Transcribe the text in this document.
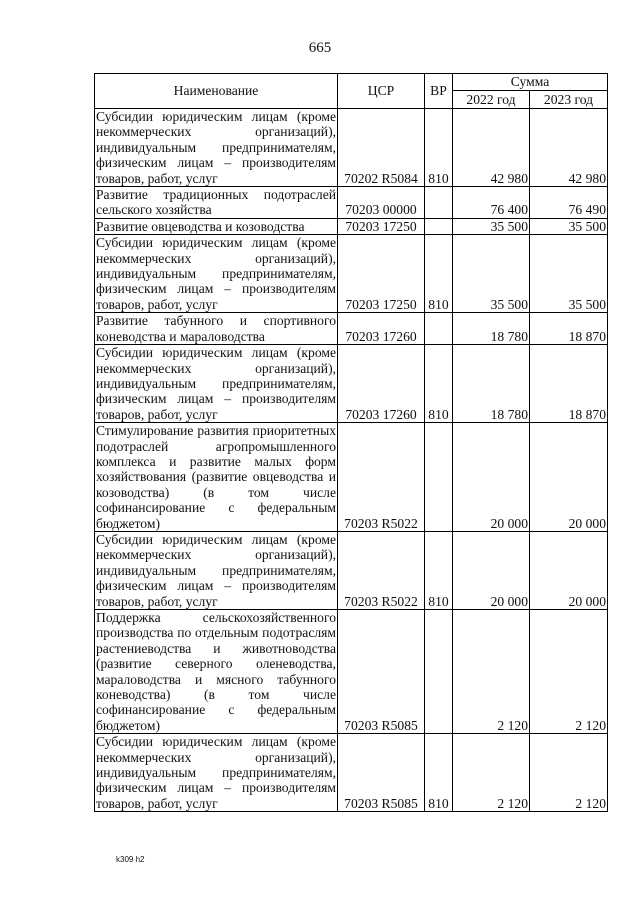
665
Наименование	ЦСР	ВР	Сумма	
			2022 год	2023 год
Субсидии юридическим лицам (кроме некоммерческих организаций), индивидуальным предпринимателям, физическим лицам – производителям товаров, работ, услуг	70202 R5084	810	42 980	42 980
Развитие традиционных подотраслей сельского хозяйства	70203 00000		76 400	76 490
Развитие овцеводства и козоводства	70203 17250		35 500	35 500
Субсидии юридическим лицам (кроме некоммерческих организаций), индивидуальным предпринимателям, физическим лицам – производителям товаров, работ, услуг	70203 17250	810	35 500	35 500
Развитие табунного и спортивного коневодства и мараловодства	70203 17260		18 780	18 870
Субсидии юридическим лицам (кроме некоммерческих организаций), индивидуальным предпринимателям, физическим лицам – производителям товаров, работ, услуг	70203 17260	810	18 780	18 870
Стимулирование развития приоритетных подотраслей агропромышленного комплекса и развитие малых форм хозяйствования (развитие овцеводства и козоводства) (в том числе софинансирование с федеральным бюджетом)	70203 R5022		20 000	20 000
Субсидии юридическим лицам (кроме некоммерческих организаций), индивидуальным предпринимателям, физическим лицам – производителям товаров, работ, услуг	70203 R5022	810	20 000	20 000
Поддержка сельскохозяйственного производства по отдельным подотраслям растениеводства и животноводства (развитие северного оленеводства, мараловодства и мясного табунного коневодства) (в том числе софинансирование с федеральным бюджетом)	70203 R5085		2 120	2 120
Субсидии юридическим лицам (кроме некоммерческих организаций), индивидуальным предпринимателям, физическим лицам – производителям товаров, работ, услуг	70203 R5085	810	2 120	2 120
k309 h2
